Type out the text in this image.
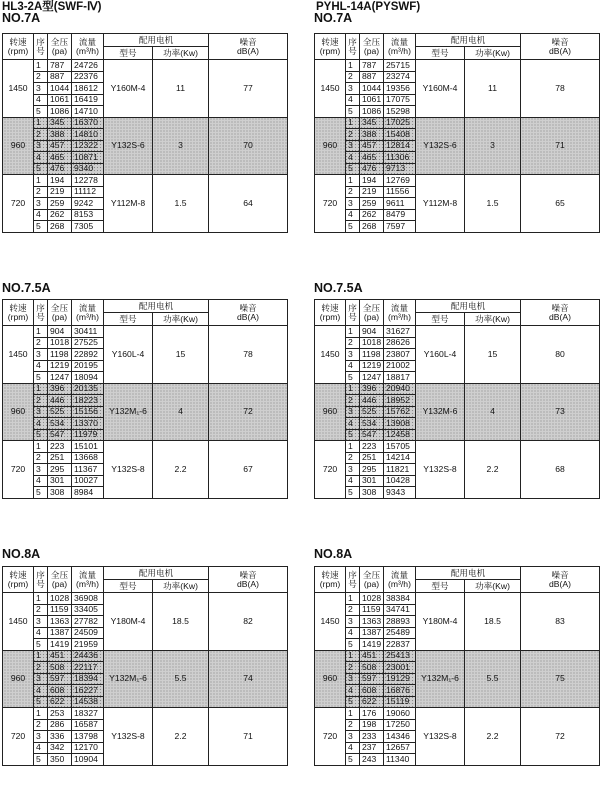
HL3-2A型(SWF-Ⅳ)	PYHL-14A(PYSWF)
NO.7A
转速
(rpm)	序
号	全压
(pa)	流量
(m³/h)	配用电机		噪音
dB(A)
				型号	功率(Kw)	
1450	1	787	24726	Y160M-4	11	77
	2	887	22376			
	3	1044	18612			
	4	1061	16419			
	5	1086	14710			
960	1	345	16370	Y132S-6	3	70
	2	388	14810			
	3	457	12322			
	4	465	10871			
	5	476	9340			
720	1	194	12278	Y112M-8	1.5	64
	2	219	11112			
	3	259	9242			
	4	262	8153			
	5	268	7305			
NO.7A
转速
(rpm)	序
号	全压
(pa)	流量
(m³/h)	配用电机		噪音
dB(A)
				型号	功率(Kw)	
1450	1	787	25715	Y160M-4	11	78
	2	887	23274			
	3	1044	19356			
	4	1061	17075			
	5	1086	15298			
960	1	345	17025	Y132S-6	3	71
	2	388	15408			
	3	457	12814			
	4	465	11306			
	5	476	9713			
720	1	194	12769	Y112M-8	1.5	65
	2	219	11556			
	3	259	9611			
	4	262	8479			
	5	268	7597			
NO.7.5A
转速
(rpm)	序
号	全压
(pa)	流量
(m³/h)	配用电机		噪音
dB(A)
				型号	功率(Kw)	
1450	1	904	30411	Y160L-4	15	78
	2	1018	27525			
	3	1198	22892			
	4	1219	20195			
	5	1247	18094			
960	1	396	20135	Y132M₁-6	4	72
	2	446	18223			
	3	525	15156			
	4	534	13370			
	5	547	11979			
720	1	223	15101	Y132S-8	2.2	67
	2	251	13668			
	3	295	11367			
	4	301	10027			
	5	308	8984			
NO.7.5A
转速
(rpm)	序
号	全压
(pa)	流量
(m³/h)	配用电机		噪音
dB(A)
				型号	功率(Kw)	
1450	1	904	31627	Y160L-4	15	80
	2	1018	28626			
	3	1198	23807			
	4	1219	21002			
	5	1247	18817			
960	1	396	20940	Y132M-6	4	73
	2	446	18952			
	3	525	15762			
	4	534	13908			
	5	547	12458			
720	1	223	15705	Y132S-8	2.2	68
	2	251	14214			
	3	295	11821			
	4	301	10428			
	5	308	9343			
NO.8A
转速
(rpm)	序
号	全压
(pa)	流量
(m³/h)	配用电机		噪音
dB(A)
				型号	功率(Kw)	
1450	1	1028	36908	Y180M-4	18.5	82
	2	1159	33405			
	3	1363	27782			
	4	1387	24509			
	5	1419	21959			
960	1	451	24436	Y132M₁-6	5.5	74
	2	508	22117			
	3	597	18394			
	4	608	16227			
	5	622	14538			
720	1	253	18327	Y132S-8	2.2	71
	2	286	16587			
	3	336	13798			
	4	342	12170			
	5	350	10904			
NO.8A
转速
(rpm)	序
号	全压
(pa)	流量
(m³/h)	配用电机		噪音
dB(A)
				型号	功率(Kw)	
1450	1	1028	38384	Y180M-4	18.5	83
	2	1159	34741			
	3	1363	28893			
	4	1387	25489			
	5	1419	22837			
960	1	451	25413	Y132M₁-6	5.5	75
	2	508	23001			
	3	597	19129			
	4	608	16876			
	5	622	15119			
720	1	176	19060	Y132S-8	2.2	72
	2	198	17250			
	3	233	14346			
	4	237	12657			
	5	243	11340			
